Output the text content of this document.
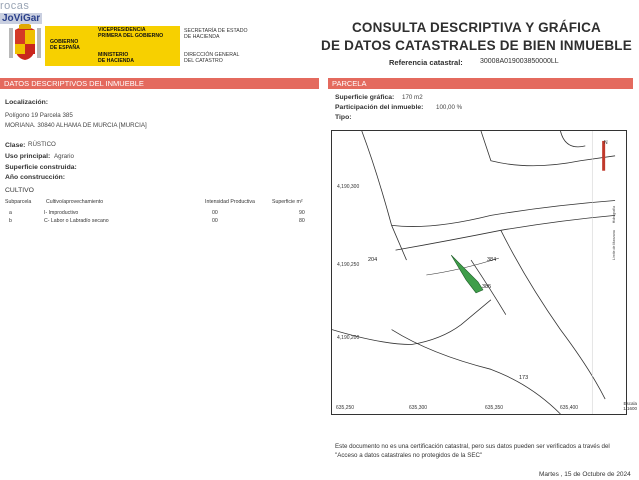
rocas
JoViGar
GOBIERNO
DE ESPAÑA
VICEPRESIDENCIA
PRIMERA DEL GOBIERNO
MINISTERIO
DE HACIENDA
SECRETARÍA DE ESTADO
DE HACIENDA
DIRECCIÓN GENERAL
DEL CATASTRO
CONSULTA DESCRIPTIVA Y GRÁFICA
DE DATOS CATASTRALES DE BIEN INMUEBLE
Referencia catastral: 30008A019003850000LL
DATOS DESCRIPTIVOS DEL INMUEBLE	PARCELA
Localización:
Polígono 19 Parcela 385
MORIANA. 30840 ALHAMA DE MURCIA [MURCIA]
Clase: RÚSTICO
Uso principal: Agrario
Superficie construida:
Año construcción:
CULTIVO
Subparcela	Cultivo/aprovechamiento	Intensidad Productiva	Superficie m²
a	I- Improductivo	00	90
b	C- Labor o Labradío secano	00	80
Superficie gráfica: 170 m2
Participación del inmueble: 100,00 %
Tipo:
4,190,300
4,190,250
4,190,200
635,250	635,300	635,350	635,400
204	384
385
173
N
Límite de Manzana Hidrografía
Escala
1/1600
Este documento no es una certificación catastral, pero sus datos pueden ser verificados a través del "Acceso a datos catastrales no protegidos de la SEC"
Martes , 15 de Octubre de 2024
